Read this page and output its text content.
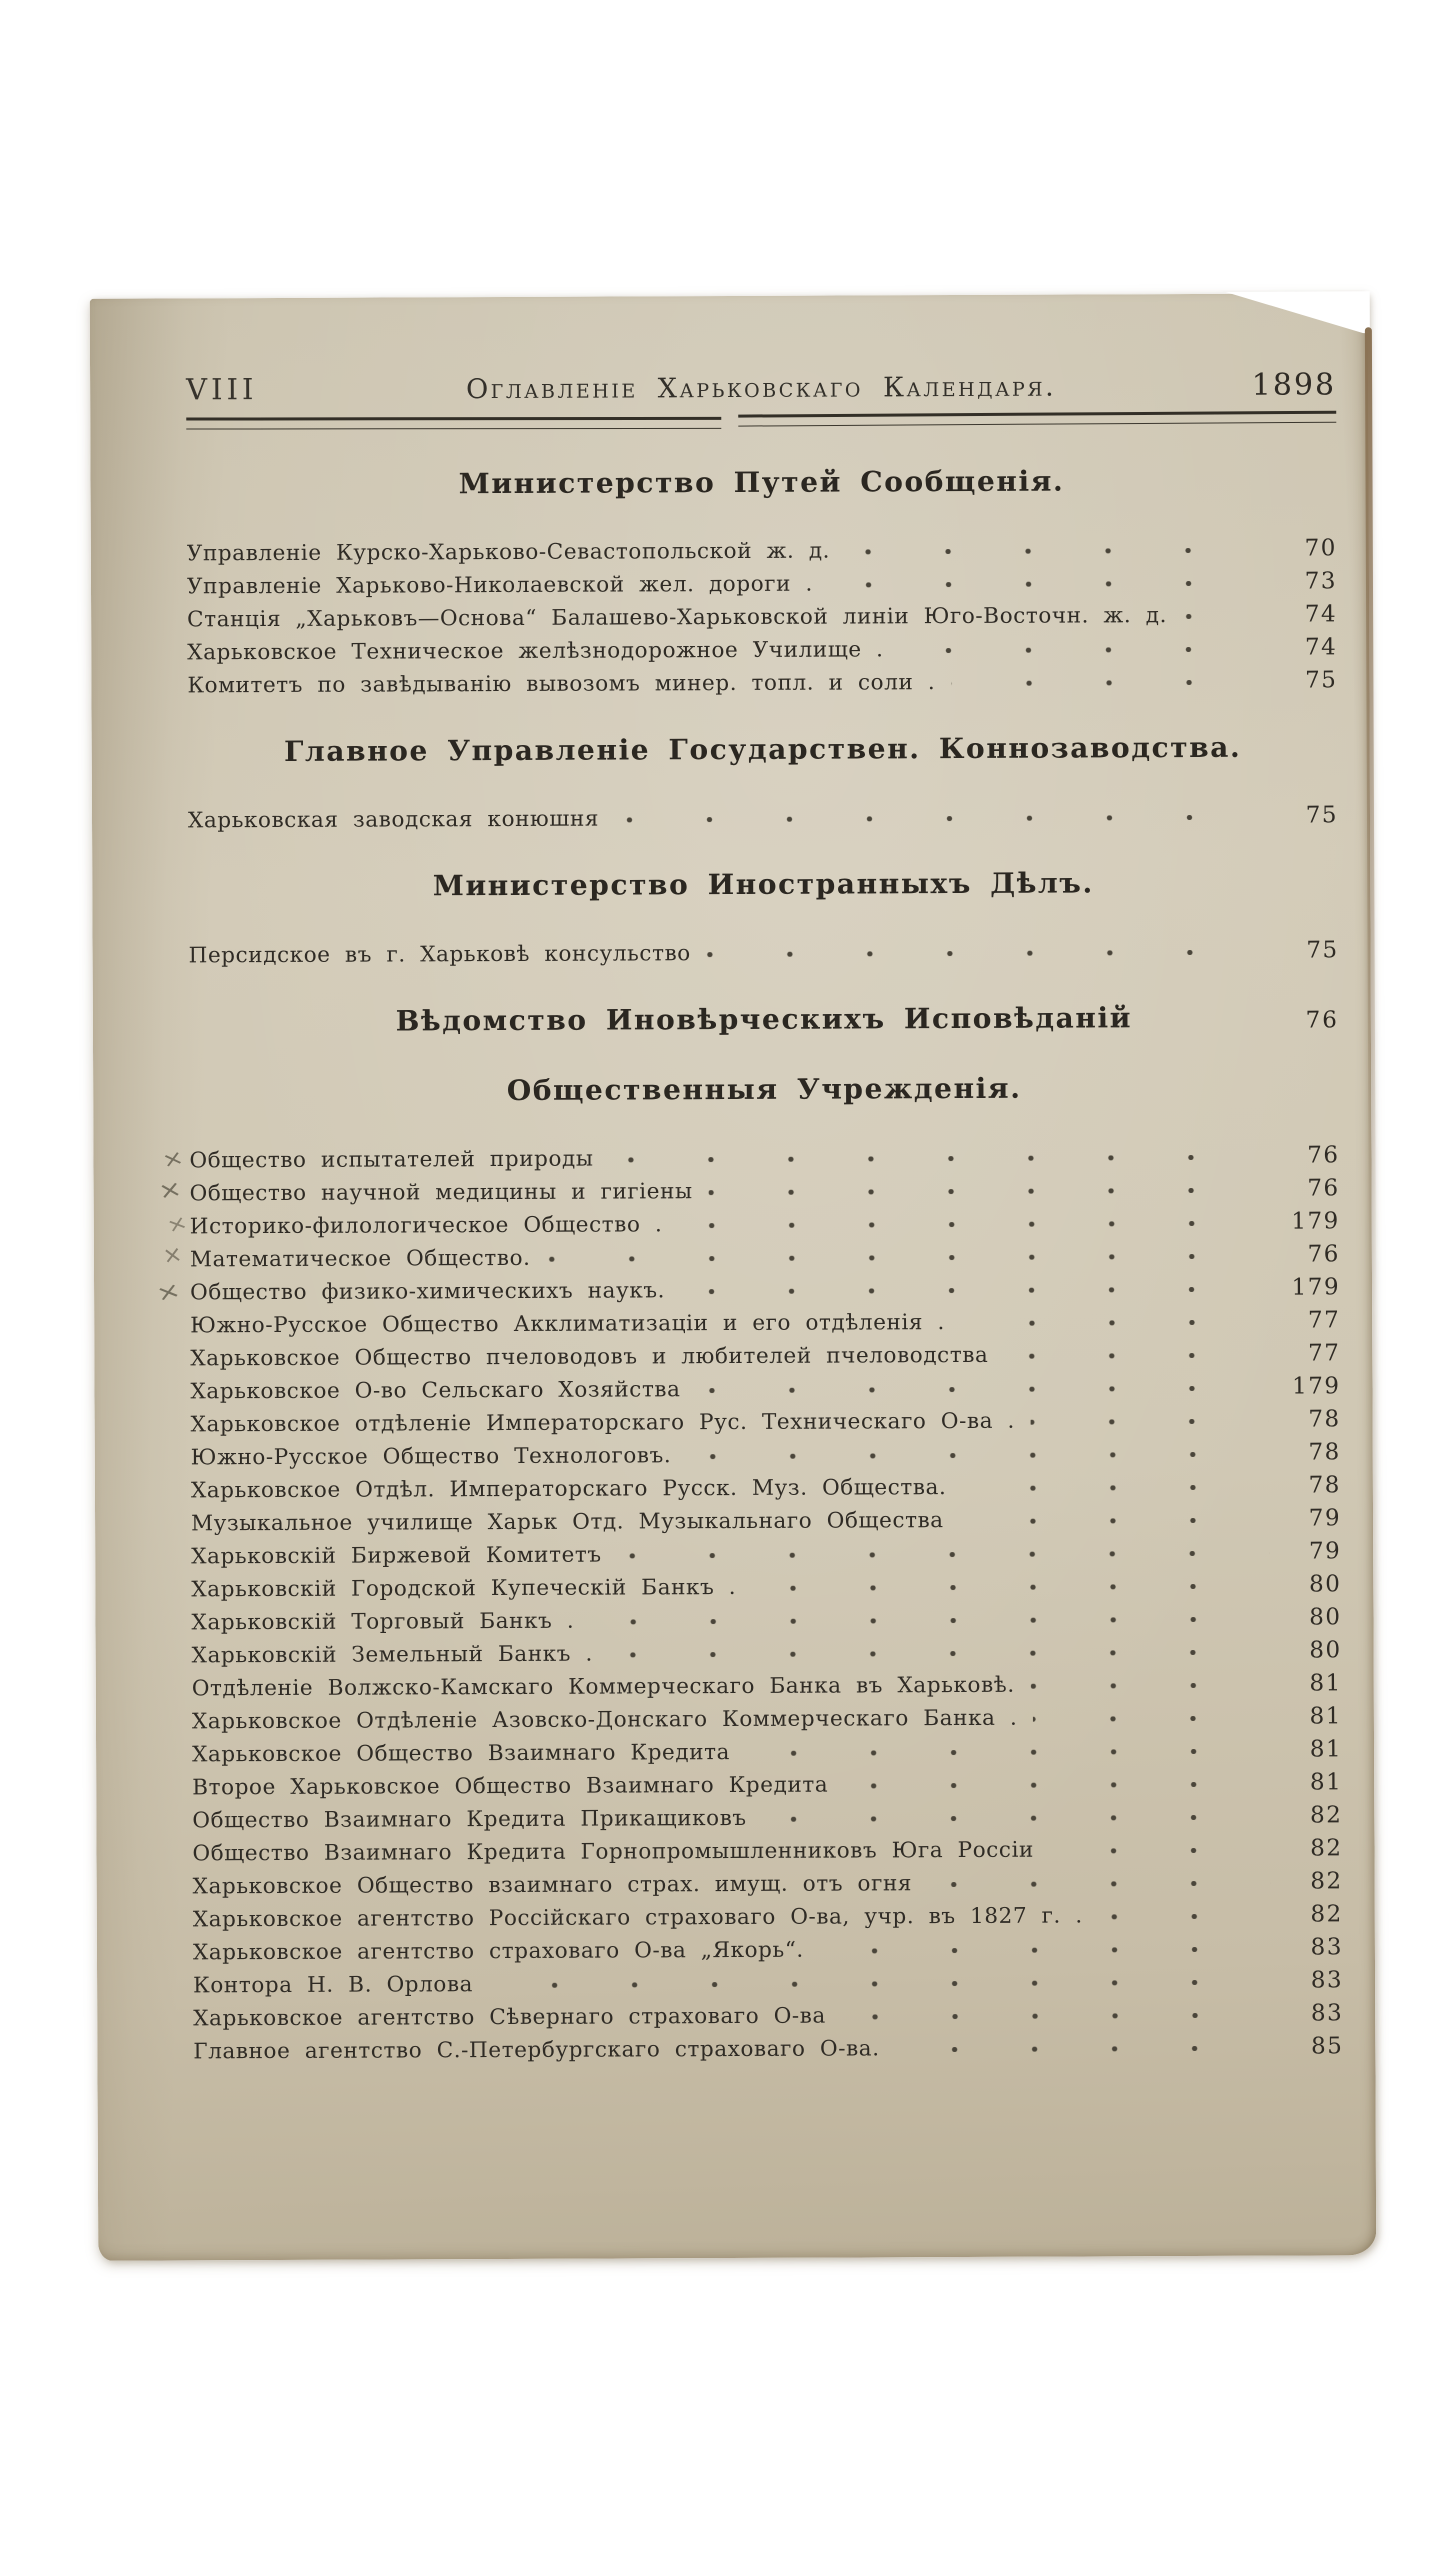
VIII	Оглавленіе Харьковскаго Календаря.	1898
Министерство Путей Сообщенія.
Управленіе Курско-Харьково-Севастопольской ж. д.	70
Управленіе Харьково-Николаевской жел. дороги .	73
Станція „Харьковъ—Основа“ Балашево-Харьковской линіи Юго-Восточн. ж. д.	74
Харьковское Техническое желѣзнодорожное Училище .	74
Комитетъ по завѣдыванію вывозомъ минер. топл. и соли .	75
Главное Управленіе Государствен. Коннозаводства.
Харьковская заводская конюшня	75
Министерство Иностранныхъ Дѣлъ.
Персидское въ г. Харьковѣ консульство	75
Вѣдомство Иновѣрческихъ Исповѣданій	76
Общественныя Учрежденія.
× Общество испытателей природы	76
× Общество научной медицины и гигіены	76
×
Историко-филологическое Общество .	179
× Математическое Общество.	76
× Общество физико-химическихъ наукъ.	179
Южно-Русское Общество Акклиматизаціи и его отдѣленія .	77
Харьковское Общество пчеловодовъ и любителей пчеловодства	77
Харьковское О-во Сельскаго Хозяйства	179
Харьковское отдѣленіе Императорскаго Рус. Техническаго О-ва .	78
Южно-Русское Общество Технологовъ.	78
Харьковское Отдѣл. Императорскаго Русск. Муз. Общества.	78
Музыкальное училище Харьк Отд. Музыкальнаго Общества	79
Харьковскій Биржевой Комитетъ	79
Харьковскій Городской Купеческій Банкъ .	80
Харьковскій Торговый Банкъ .	80
Харьковскій Земельный Банкъ .	80
Отдѣленіе Волжско-Камскаго Коммерческаго Банка въ Харьковѣ.	81
Харьковское Отдѣленіе Азовско-Донскаго Коммерческаго Банка .	81
Харьковское Общество Взаимнаго Кредита	81
Второе Харьковское Общество Взаимнаго Кредита	81
Общество Взаимнаго Кредита Прикащиковъ	82
Общество Взаимнаго Кредита Горнопромышленниковъ Юга Россіи	82
Харьковское Общество взаимнаго страх. имущ. отъ огня	82
Харьковское агентство Россійскаго страховаго О-ва, учр. въ 1827 г. .	82
Харьковское агентство страховаго О-ва „Якорь“.	83
Контора Н. В. Орлова	83
Харьковское агентство Сѣвернаго страховаго О-ва	83
Главное агентство С.-Петербургскаго страховаго О-ва.	85
